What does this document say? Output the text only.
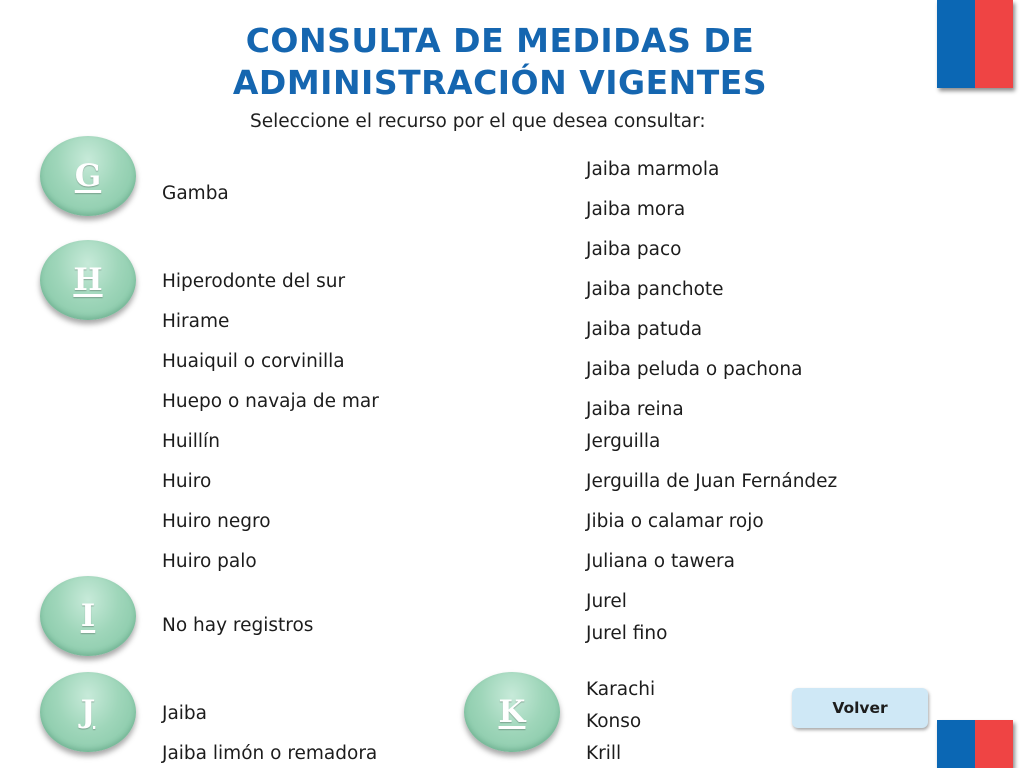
CONSULTA DE MEDIDAS DE
ADMINISTRACIÓN VIGENTES
Seleccione el recurso por el que desea consultar:
G
H
I
J	K
Gamba
Hiperodonte del sur
Hirame
Huaiquil o corvinilla
Huepo o navaja de mar
Huillín
Huiro
Huiro negro
Huiro palo
No hay registros
Jaiba
Jaiba limón o remadora
Jaiba marmola
Jaiba mora
Jaiba paco
Jaiba panchote
Jaiba patuda
Jaiba peluda o pachona
Jaiba reina
Jerguilla
Jerguilla de Juan Fernández
Jibia o calamar rojo
Juliana o tawera
Jurel
Jurel fino
Karachi
Konso
Krill
Volver
